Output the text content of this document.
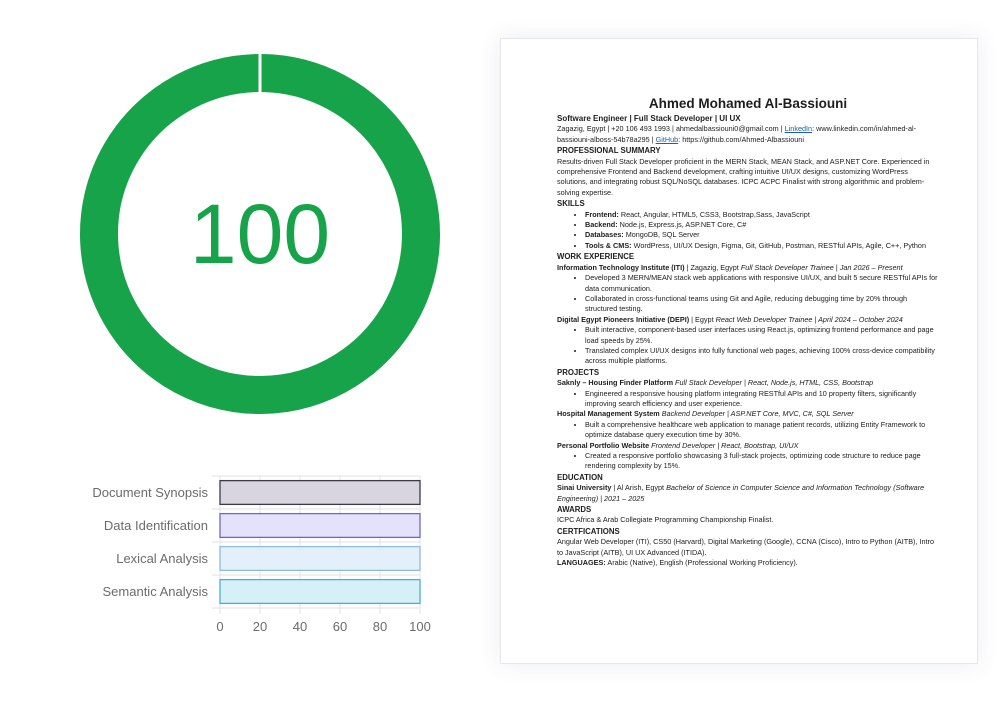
100
Document Synopsis
Data Identification
Lexical Analysis
Semantic Analysis
0 20 40 60 80 100

Ahmed Mohamed Al-Bassiouni

Software Engineer | Full Stack Developer | UI UX

Zagazig, Egypt | +20 106 493 1993 | ahmedalbassiouni0@gmail.com | LinkedIn: www.linkedin.com/in/ahmed-al-bassiouni-alboss-54b78a295 | GitHub: https://github.com/Ahmed-Albassiouni

PROFESSIONAL SUMMARY

Results-driven Full Stack Developer proficient in the MERN Stack, MEAN Stack, and ASP.NET Core. Experienced in comprehensive Frontend and Backend development, crafting intuitive UI/UX designs, customizing WordPress solutions, and integrating robust SQL/NoSQL databases. ICPC ACPC Finalist with strong algorithmic and problem-solving expertise.

SKILLS

• Frontend: React, Angular, HTML5, CSS3, Bootstrap,Sass, JavaScript
• Backend: Node.js, Express.js, ASP.NET Core, C#
• Databases: MongoDB, SQL Server
• Tools & CMS: WordPress, UI/UX Design, Figma, Git, GitHub, Postman, RESTful APIs, Agile, C++, Python

WORK EXPERIENCE

Information Technology Institute (ITI) | Zagazig, Egypt Full Stack Developer Trainee | Jan 2026 – Present

• Developed 3 MERN/MEAN stack web applications with responsive UI/UX, and built 5 secure RESTful APIs for data communication.
• Collaborated in cross-functional teams using Git and Agile, reducing debugging time by 20% through structured testing.

Digital Egypt Pioneers Initiative (DEPI) | Egypt React Web Developer Trainee | April 2024 – October 2024

• Built interactive, component-based user interfaces using React.js, optimizing frontend performance and page load speeds by 25%.
• Translated complex UI/UX designs into fully functional web pages, achieving 100% cross-device compatibility across multiple platforms.

PROJECTS

Saknly – Housing Finder Platform Full Stack Developer | React, Node.js, HTML, CSS, Bootstrap

• Engineered a responsive housing platform integrating RESTful APIs and 10 property filters, significantly improving search efficiency and user experience.

Hospital Management System Backend Developer | ASP.NET Core, MVC, C#, SQL Server

• Built a comprehensive healthcare web application to manage patient records, utilizing Entity Framework to optimize database query execution time by 30%.

Personal Portfolio Website Frontend Developer | React, Bootstrap, UI/UX

• Created a responsive portfolio showcasing 3 full-stack projects, optimizing code structure to reduce page rendering complexity by 15%.

EDUCATION

Sinai University | Al Arish, Egypt Bachelor of Science in Computer Science and Information Technology (Software Engineering) | 2021 – 2025

AWARDS

ICPC Africa & Arab Collegiate Programming Championship Finalist.

CERTFICATIONS

Angular Web Developer (ITI), CS50 (Harvard), Digital Marketing (Google), CCNA (Cisco), Intro to Python (AITB), Intro to JavaScript (AITB), UI UX Advanced (ITIDA).

LANGUAGES: Arabic (Native), English (Professional Working Proficiency).
